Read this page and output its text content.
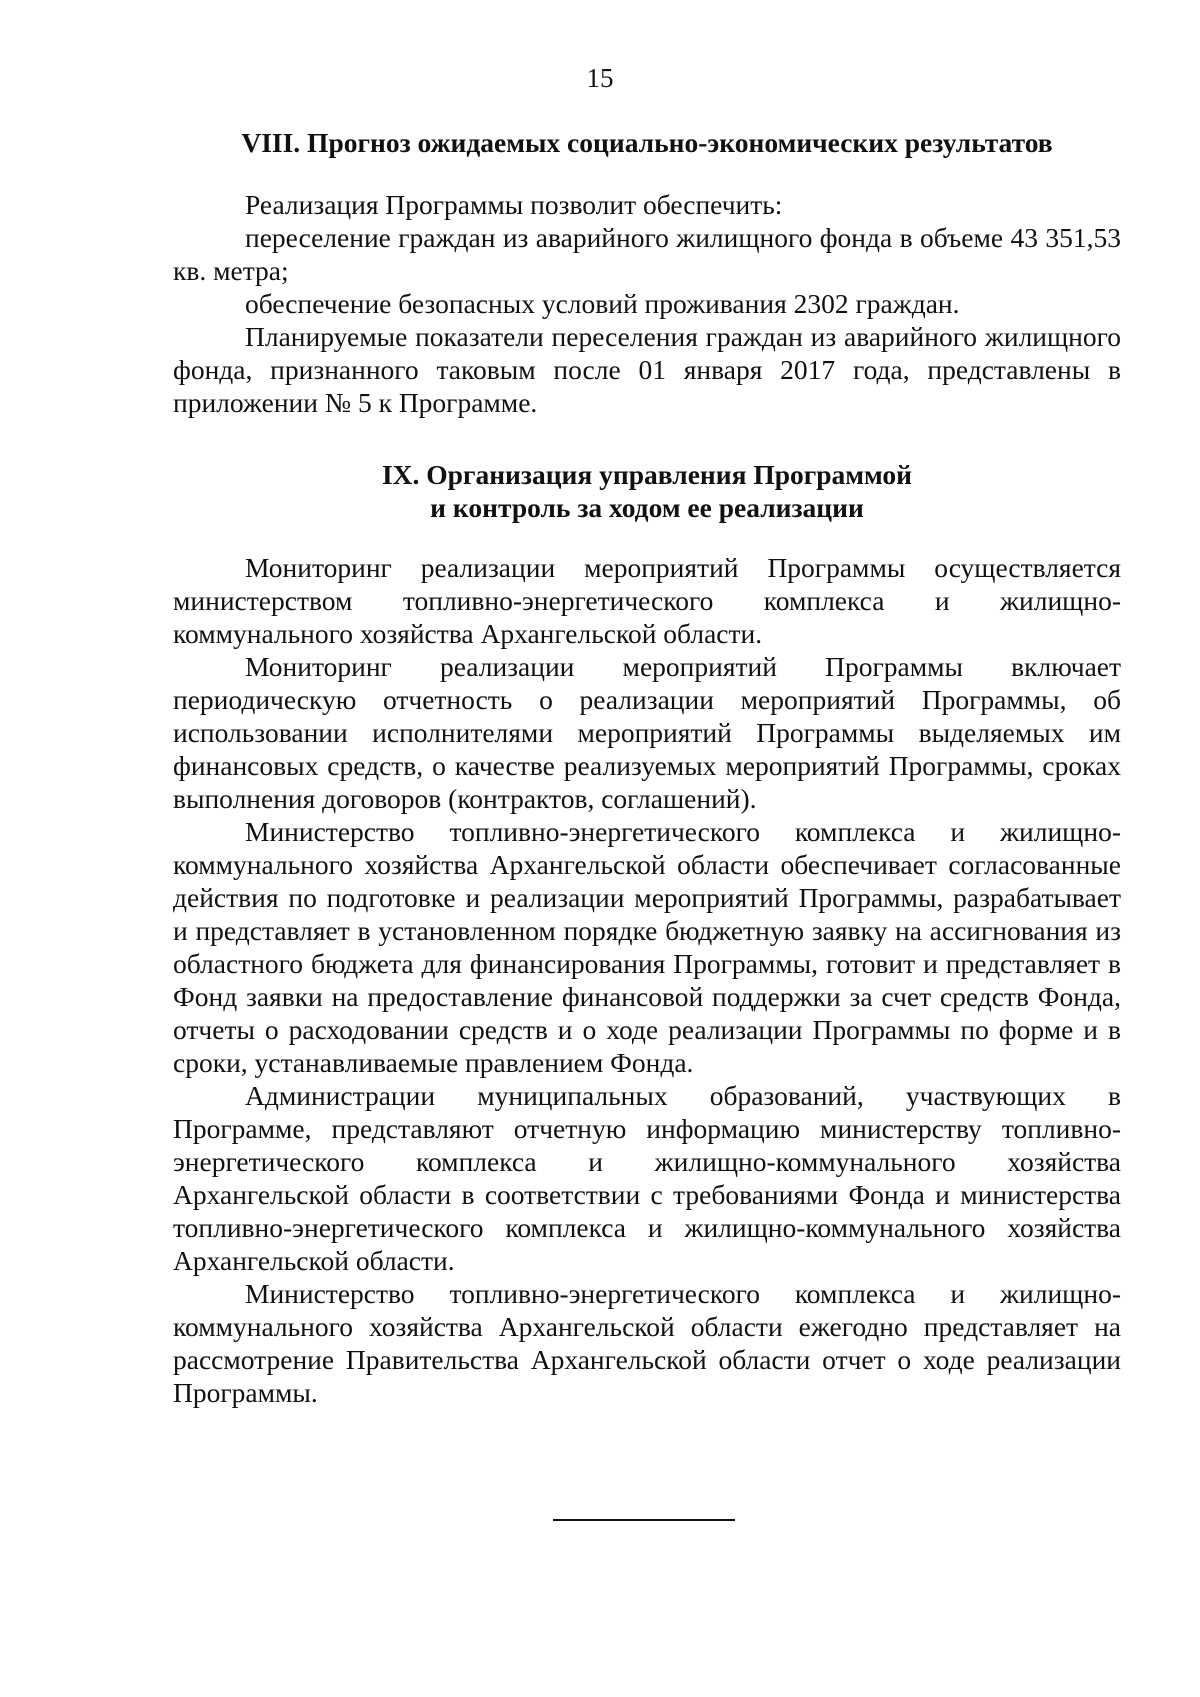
15
VIII. Прогноз ожидаемых социально-экономических результатов

Реализация Программы позволит обеспечить:

переселение граждан из аварийного жилищного фонда в объеме 43 351,53 кв. метра;

обеспечение безопасных условий проживания 2302 граждан.

Планируемые показатели переселения граждан из аварийного жилищного фонда, признанного таковым после 01 января 2017 года, представлены в приложении № 5 к Программе.

IX. Организация управления Программой
и контроль за ходом ее реализации

Мониторинг реализации мероприятий Программы осуществляется министерством топливно-энергетического комплекса и жилищно-коммунального хозяйства Архангельской области.

Мониторинг реализации мероприятий Программы включает периодическую отчетность о реализации мероприятий Программы, об использовании исполнителями мероприятий Программы выделяемых им финансовых средств, о качестве реализуемых мероприятий Программы, сроках выполнения договоров (контрактов, соглашений).

Министерство топливно-энергетического комплекса и жилищно-коммунального хозяйства Архангельской области обеспечивает согласованные действия по подготовке и реализации мероприятий Программы, разрабатывает и представляет в установленном порядке бюджетную заявку на ассигнования из областного бюджета для финансирования Программы, готовит и представляет в Фонд заявки на предоставление финансовой поддержки за счет средств Фонда, отчеты о расходовании средств и о ходе реализации Программы по форме и в сроки, устанавливаемые правлением Фонда.

Администрации муниципальных образований, участвующих в Программе, представляют отчетную информацию министерству топливно-энергетического комплекса и жилищно-коммунального хозяйства Архангельской области в соответствии с требованиями Фонда и министерства топливно-энергетического комплекса и жилищно-коммунального хозяйства Архангельской области.

Министерство топливно-энергетического комплекса и жилищно-коммунального хозяйства Архангельской области ежегодно представляет на рассмотрение Правительства Архангельской области отчет о ходе реализации Программы.
